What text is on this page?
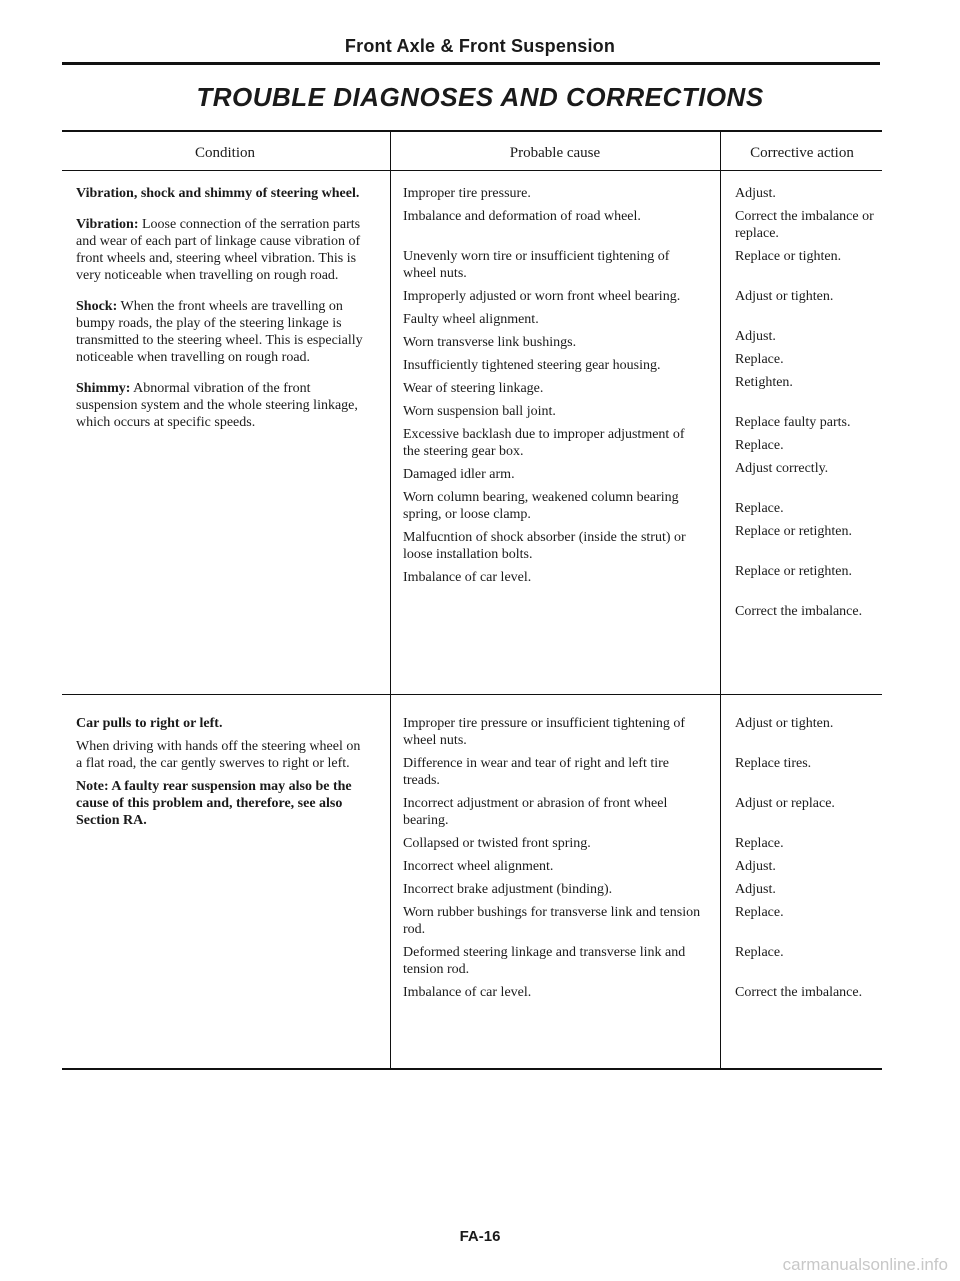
Front Axle & Front Suspension
TROUBLE DIAGNOSES AND CORRECTIONS
Condition	Probable cause	Corrective action

Vibration, shock and shimmy of steering wheel.

Vibration: Loose connection of the serration parts and wear of each part of linkage cause vibration of front wheels and, steering wheel vibration. This is very noticeable when travelling on rough road.

Shock: When the front wheels are travelling on bumpy roads, the play of the steering linkage is transmitted to the steering wheel. This is especially noticeable when travelling on rough road.

Shimmy: Abnormal vibration of the front suspension system and the whole steering linkage, which occurs at specific speeds.

Improper tire pressure.
Imbalance and deformation of road wheel.
Unevenly worn tire or insufficient tightening of wheel nuts.
Improperly adjusted or worn front wheel bearing.
Faulty wheel alignment.
Worn transverse link bushings.
Insufficiently tightened steering gear housing.
Wear of steering linkage.
Worn suspension ball joint.
Excessive backlash due to improper adjustment of the steering gear box.
Damaged idler arm.
Worn column bearing, weakened column bearing spring, or loose clamp.
Malfucntion of shock absorber (inside the strut) or loose installation bolts.
Imbalance of car level.
Adjust.
Correct the imbalance or replace.
Replace or tighten.
Adjust or tighten.
Adjust.
Replace.
Retighten.
Replace faulty parts.
Replace.
Adjust correctly.
Replace.
Replace or retighten.
Replace or retighten.
Correct the imbalance.

Car pulls to right or left.

When driving with hands off the steering wheel on a flat road, the car gently swerves to right or left.

Note: A faulty rear suspension may also be the cause of this problem and, therefore, see also Section RA.

Improper tire pressure or insufficient tightening of wheel nuts.
Difference in wear and tear of right and left tire treads.
Incorrect adjustment or abrasion of front wheel bearing.
Collapsed or twisted front spring.
Incorrect wheel alignment.
Incorrect brake adjustment (binding).
Worn rubber bushings for transverse link and tension rod.
Deformed steering linkage and transverse link and tension rod.
Imbalance of car level.
Adjust or tighten.
Replace tires.
Adjust or replace.
Replace.
Adjust.
Adjust.
Replace.
Replace.
Correct the imbalance.
FA-16
carmanualsonline.info
